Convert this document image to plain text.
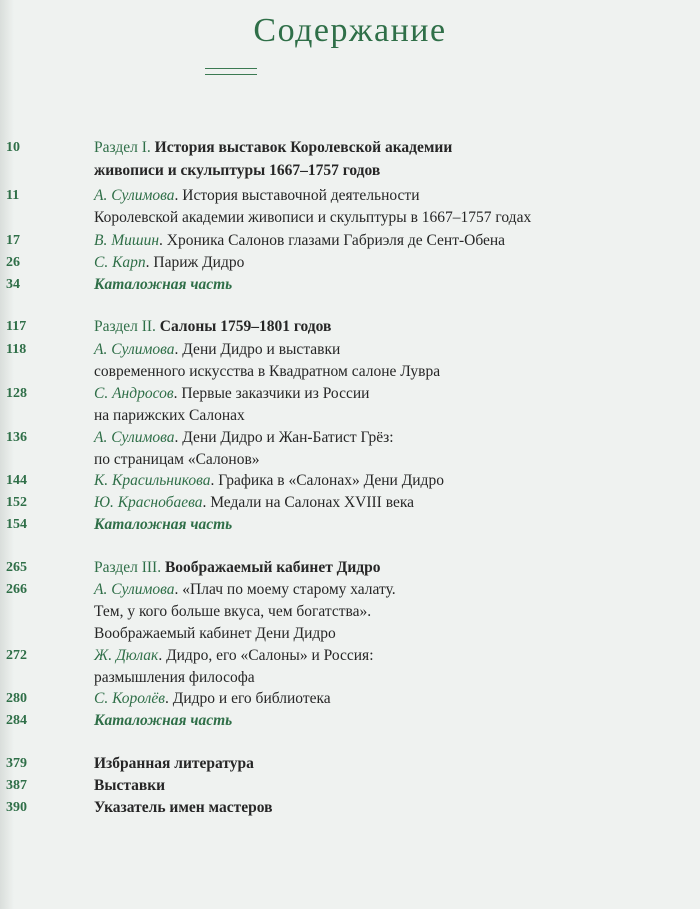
Содержание
10	Раздел I. История выставок Королевской академии
живописи и скульптуры 1667–1757 годов
11	А. Сулимова. История выставочной деятельности
Королевской академии живописи и скульптуры в 1667–1757 годах
17	В. Мишин. Хроника Салонов глазами Габриэля де Сент-Обена
26	С. Карп. Париж Дидро
34	Каталожная часть
117	Раздел II. Салоны 1759–1801 годов
118	А. Сулимова. Дени Дидро и выставки
современного искусства в Квадратном салоне Лувра
128	С. Андросов. Первые заказчики из России
на парижских Салонах
136	А. Сулимова. Дени Дидро и Жан-Батист Грёз:
по страницам «Салонов»
144	К. Красильникова. Графика в «Салонах» Дени Дидро
152	Ю. Краснобаева. Медали на Салонах XVIII века
154	Каталожная часть
265	Раздел III. Воображаемый кабинет Дидро
266	А. Сулимова. «Плач по моему старому халату.
Тем, у кого больше вкуса, чем богатства».
Воображаемый кабинет Дени Дидро
272	Ж. Дюлак. Дидро, его «Салоны» и Россия:
размышления философа
280	С. Королёв. Дидро и его библиотека
284	Каталожная часть
379	Избранная литература
387	Выставки
390	Указатель имен мастеров
